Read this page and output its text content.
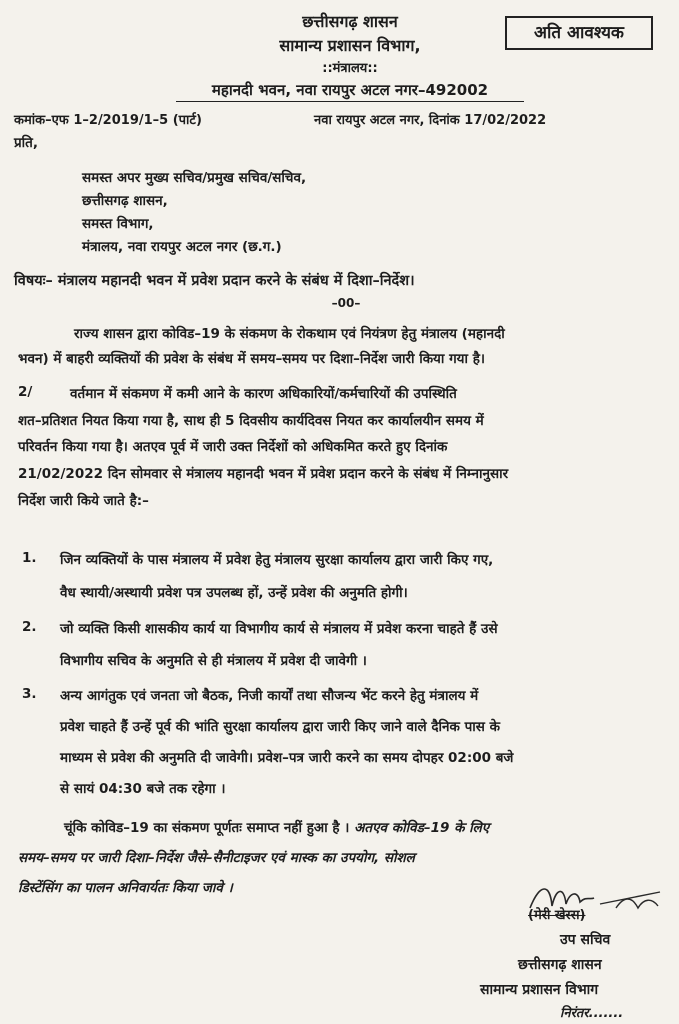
छत्तीसगढ़ शासन
सामान्य प्रशासन विभाग,
::मंत्रालय::
महानदी भवन, नवा रायपुर अटल नगर–492002
अति आवश्यक
कमांक–एफ 1–2/2019/1–5 (पार्ट)	नवा रायपुर अटल नगर, दिनांक 17/02/2022
प्रति,
समस्त अपर मुख्य सचिव/प्रमुख सचिव/सचिव,
छत्तीसगढ़ शासन,
समस्त विभाग,
मंत्रालय, नवा रायपुर अटल नगर (छ.ग.)
विषयः– मंत्रालय महानदी भवन में प्रवेश प्रदान करने के संबंध में दिशा–निर्देश।
–00–
राज्य शासन द्वारा कोविड–19 के संकमण के रोकथाम एवं नियंत्रण हेतु मंत्रालय (महानदी
भवन) में बाहरी व्यक्तियों की प्रवेश के संबंध में समय–समय पर दिशा–निर्देश जारी किया गया है।
2/	वर्तमान में संकमण में कमी आने के कारण अधिकारियों/कर्मचारियों की उपस्थिति
शत–प्रतिशत नियत किया गया है, साथ ही 5 दिवसीय कार्यदिवस नियत कर कार्यालयीन समय में
परिवर्तन किया गया है। अतएव पूर्व में जारी उक्त निर्देशों को अधिकमित करते हुए दिनांक
21/02/2022 दिन सोमवार से मंत्रालय महानदी भवन में प्रवेश प्रदान करने के संबंध में निम्नानुसार
निर्देश जारी किये जाते है:–
1. जिन व्यक्तियों के पास मंत्रालय में प्रवेश हेतु मंत्रालय सुरक्षा कार्यालय द्वारा जारी किए गए,
वैध स्थायी/अस्थायी प्रवेश पत्र उपलब्ध हों, उन्हें प्रवेश की अनुमति होगी।
2. जो व्यक्ति किसी शासकीय कार्य या विभागीय कार्य से मंत्रालय में प्रवेश करना चाहते हैं उसे
विभागीय सचिव के अनुमति से ही मंत्रालय में प्रवेश दी जावेगी ।
3. अन्य आगंतुक एवं जनता जो बैठक, निजी कार्यों तथा सौजन्य भेंट करने हेतु मंत्रालय में
प्रवेश चाहते हैं उन्हें पूर्व की भांति सुरक्षा कार्यालय द्वारा जारी किए जाने वाले दैनिक पास के
माध्यम से प्रवेश की अनुमति दी जावेगी। प्रवेश–पत्र जारी करने का समय दोपहर 02:00 बजे
से सायं 04:30 बजे तक रहेगा ।
चूंकि कोविड–19 का संकमण पूर्णतः समाप्त नहीं हुआ है । अतएव कोविड–19 के लिए
समय–समय पर जारी दिशा–निर्देश जैसे–सैनीटाइजर एवं मास्क का उपयोग, सोशल
डिस्टेंसिंग का पालन अनिवार्यतः किया जावे ।
(मेरी खेस्स)
उप सचिव
छत्तीसगढ़ शासन
सामान्य प्रशासन विभाग
निरंतर.......
